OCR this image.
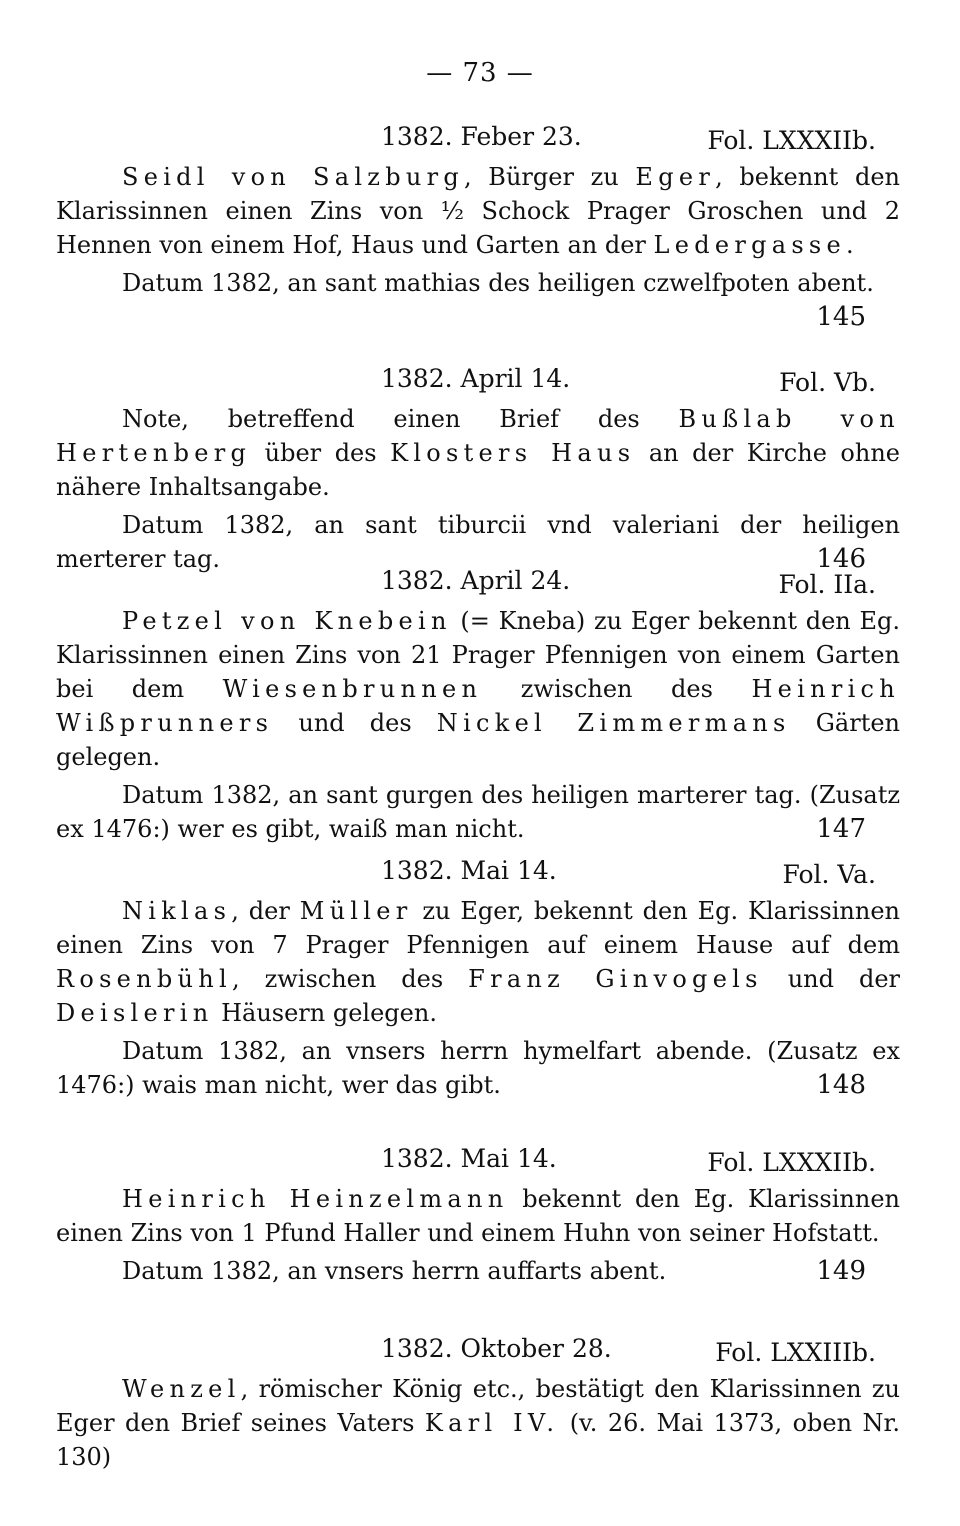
— 73 —
1382. Feber 23.	Fol. LXXXIIb.

Seidl von Salzburg, Bürger zu Eger, bekennt den Klarissinnen einen Zins von ½ Schock Prager Groschen und 2 Hennen von einem Hof, Haus und Garten an der Ledergasse.

Datum 1382, an sant mathias des heiligen czwelfpoten abent.
145

1382. April 14.	Fol. Vb.

Note, betreffend einen Brief des Bußlab von Hertenberg über des Klosters Haus an der Kirche ohne nähere Inhaltsangabe.

Datum 1382, an sant tiburcii vnd valeriani der heiligen merterer tag.	146

1382. April 24.	Fol. IIa.

Petzel von Knebein (= Kneba) zu Eger bekennt den Eg. Klarissinnen einen Zins von 21 Prager Pfennigen von einem Garten bei dem Wiesenbrunnen zwischen des Heinrich Wißprunners und des Nickel Zimmermans Gärten gelegen.

Datum 1382, an sant gurgen des heiligen marterer tag. (Zusatz ex 1476:) wer es gibt, waiß man nicht.	147

1382. Mai 14.	Fol. Va.

Niklas, der Müller zu Eger, bekennt den Eg. Klarissinnen einen Zins von 7 Prager Pfennigen auf einem Hause auf dem Rosenbühl, zwischen des Franz Ginvogels und der Deislerin Häusern gelegen.

Datum 1382, an vnsers herrn hymelfart abende. (Zusatz ex 1476:) wais man nicht, wer das gibt.	148

1382. Mai 14.	Fol. LXXXIIb.

Heinrich Heinzelmann bekennt den Eg. Klarissinnen einen Zins von 1 Pfund Haller und einem Huhn von seiner Hofstatt.

Datum 1382, an vnsers herrn auffarts abent.	149

1382. Oktober 28.	Fol. LXXIIIb.

Wenzel, römischer König etc., bestätigt den Klarissinnen zu Eger den Brief seines Vaters Karl IV. (v. 26. Mai 1373, oben Nr. 130)
